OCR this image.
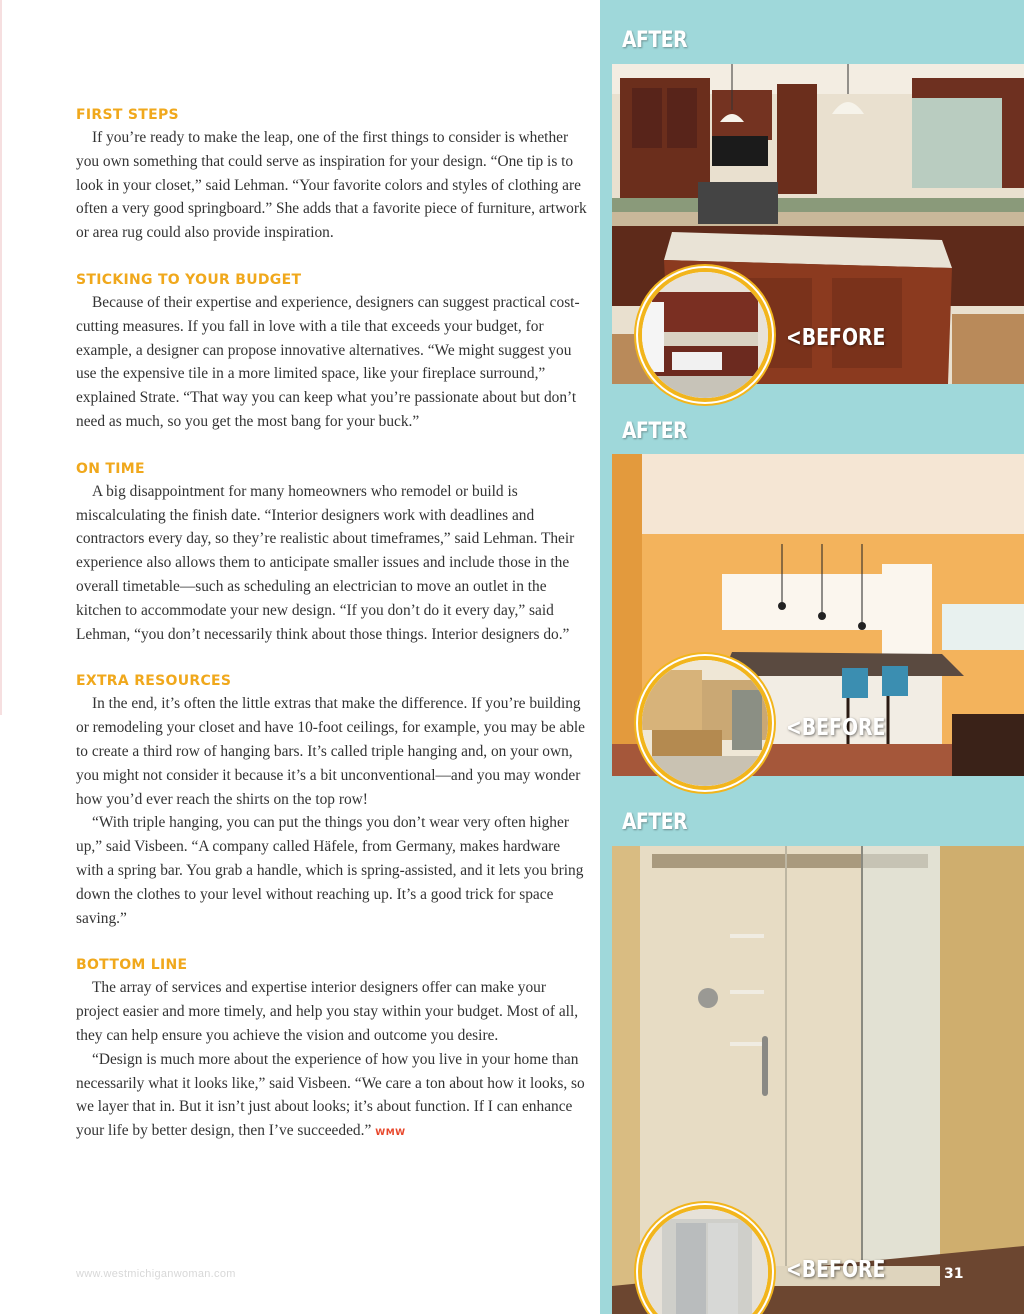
FIRST STEPS

If you’re ready to make the leap, one of the first things to consider is whether you own something that could serve as inspiration for your design. “One tip is to look in your closet,” said Lehman. “Your favorite colors and styles of clothing are often a very good springboard.” She adds that a favorite piece of furniture, artwork or area rug could also provide inspiration.

STICKING TO YOUR BUDGET

Because of their expertise and experience, designers can suggest practical cost-cutting measures. If you fall in love with a tile that exceeds your budget, for example, a designer can propose innovative alternatives. “We might suggest you use the expensive tile in a more limited space, like your fireplace surround,” explained Strate. “That way you can keep what you’re passionate about but don’t need as much, so you get the most bang for your buck.”

ON TIME

A big disappointment for many homeowners who remodel or build is miscalculating the finish date. “Interior designers work with deadlines and contractors every day, so they’re realistic about timeframes,” said Lehman. Their experience also allows them to anticipate smaller issues and include those in the overall timetable—such as scheduling an electrician to move an outlet in the kitchen to accommodate your new design. “If you don’t do it every day,” said Lehman, “you don’t necessarily think about those things. Interior designers do.”

EXTRA RESOURCES

In the end, it’s often the little extras that make the difference. If you’re building or remodeling your closet and have 10-foot ceilings, for example, you may be able to create a third row of hanging bars. It’s called triple hanging and, on your own, you might not consider it because it’s a bit unconventional—and you may wonder how you’d ever reach the shirts on the top row!

“With triple hanging, you can put the things you don’t wear very often higher up,” said Visbeen. “A company called Häfele, from Germany, makes hardware with a spring bar. You grab a handle, which is spring-assisted, and it lets you bring down the clothes to your level without reaching up. It’s a good trick for space saving.”

BOTTOM LINE

The array of services and expertise interior designers offer can make your project easier and more timely, and help you stay within your budget. Most of all, they can help ensure you achieve the vision and outcome you desire.

“Design is much more about the experience of how you live in your home than necessarily what it looks like,” said Visbeen. “We care a ton about how it looks, so we layer that in. But it isn’t just about looks; it’s about function. If I can enhance your life by better design, then I’ve succeeded.” WMW

www.westmichiganwoman.com
AFTER
<BEFORE
AFTER
<BEFORE
AFTER
<BEFORE	31
